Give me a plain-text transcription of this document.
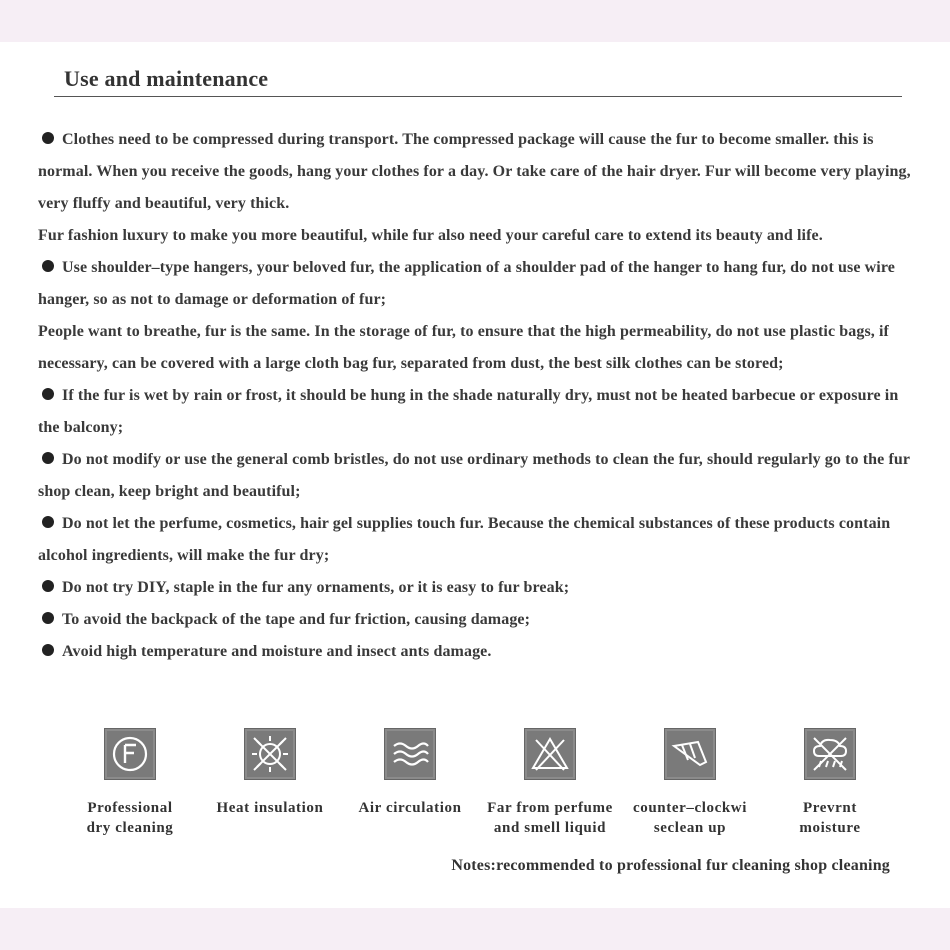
Use and maintenance
Clothes need to be compressed during transport. The compressed package will cause the fur to become smaller. this is normal. When you receive the goods, hang your clothes for a day. Or take care of the hair dryer. Fur will become very playing, very fluffy and beautiful, very thick.
Fur fashion luxury to make you more beautiful, while fur also need your careful care to extend its beauty and life.
Use shoulder–type hangers, your beloved fur, the application of a shoulder pad of the hanger to hang fur, do not use wire hanger, so as not to damage or deformation of fur;
People want to breathe, fur is the same. In the storage of fur, to ensure that the high permeability, do not use plastic bags, if necessary, can be covered with a large cloth bag fur, separated from dust, the best silk clothes can be stored;
If the fur is wet by rain or frost, it should be hung in the shade naturally dry, must not be heated barbecue or exposure in the balcony;
Do not modify or use the general comb bristles, do not use ordinary methods to clean the fur, should regularly go to the fur shop clean, keep bright and beautiful;
Do not let the perfume, cosmetics, hair gel supplies touch fur. Because the chemical substances of these products contain alcohol ingredients, will make the fur dry;
Do not try DIY, staple in the fur any ornaments, or it is easy to fur break;
To avoid the backpack of the tape and fur friction, causing damage;
Avoid high temperature and moisture and insect ants damage.
Professional
dry cleaning
Heat insulation	Air circulation	Far from perfume
and smell liquid
counter–clockwi
seclean up
Prevrnt
moisture
Notes:recommended to professional fur cleaning shop cleaning
